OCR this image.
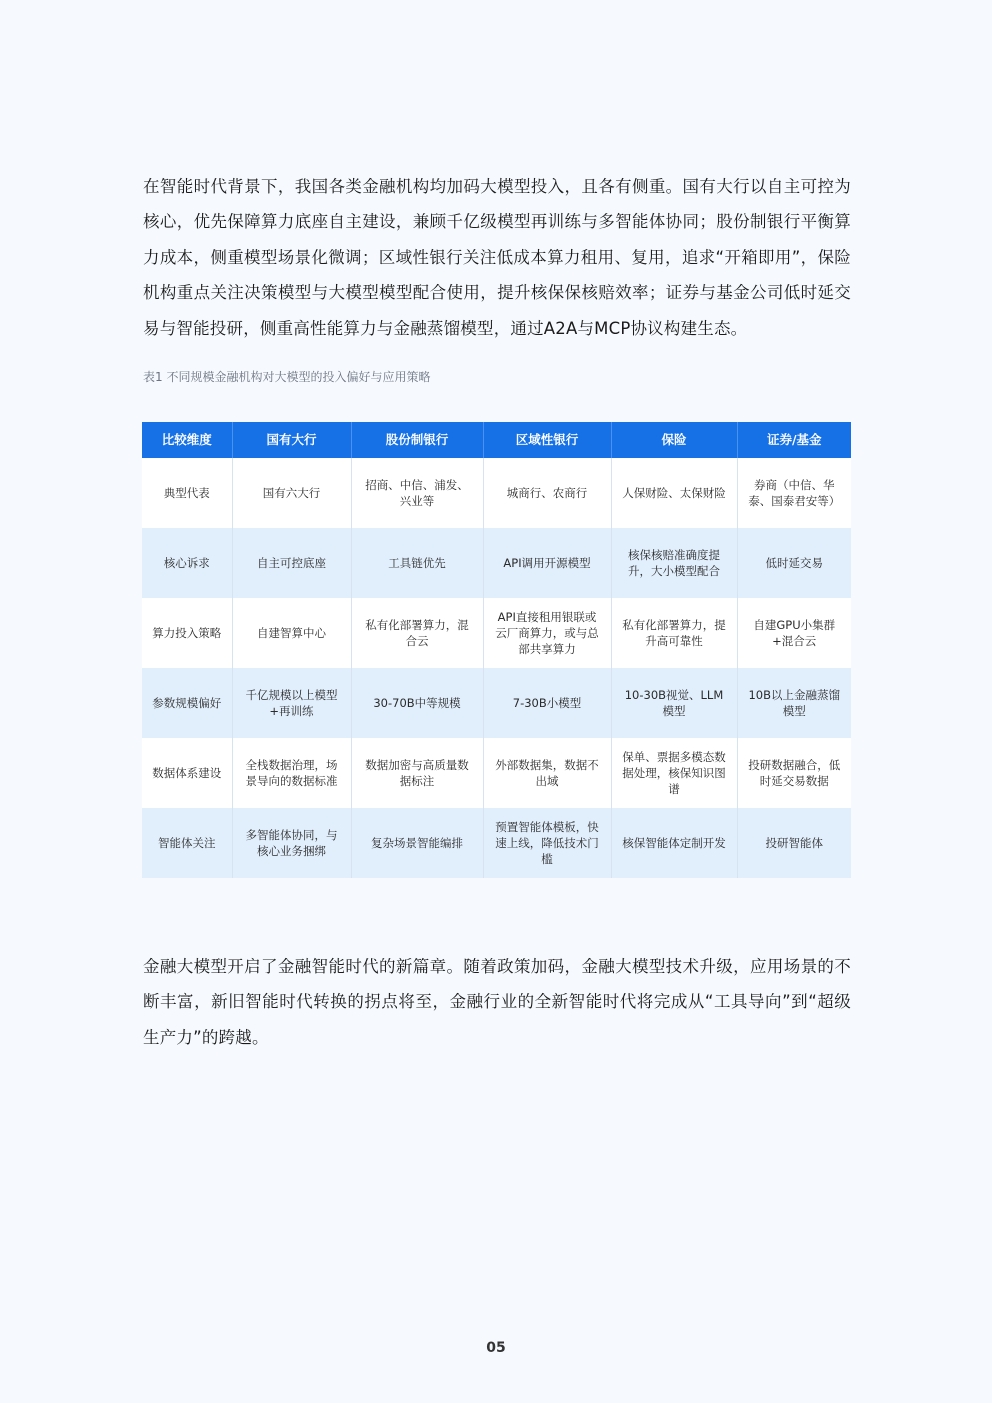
在智能时代背景下，我国各类金融机构均加码大模型投入，且各有侧重。国有大行以自主可控为核心，优先保障算力底座自主建设，兼顾千亿级模型再训练与多智能体协同；股份制银行平衡算力成本，侧重模型场景化微调；区域性银行关注低成本算力租用、复用，追求“开箱即用”，保险机构重点关注决策模型与大模型模型配合使用，提升核保保核赔效率；证券与基金公司低时延交易与智能投研，侧重高性能算力与金融蒸馏模型，通过A2A与MCP协议构建生态。

表1 不同规模金融机构对大模型的投入偏好与应用策略
比较维度	国有大行	股份制银行	区域性银行	保险	证券/基金
典型代表	国有六大行	招商、中信、浦发、兴业等	城商行、农商行	人保财险、太保财险	券商（中信、华泰、国泰君安等）
核心诉求	自主可控底座	工具链优先	API调用开源模型	核保核赔准确度提升，大小模型配合	低时延交易
算力投入策略	自建智算中心	私有化部署算力，混合云	API直接租用银联或云厂商算力，或与总部共享算力	私有化部署算力，提升高可靠性	自建GPU小集群+混合云
参数规模偏好	千亿规模以上模型+再训练	30-70B中等规模	7-30B小模型	10-30B视觉、LLM模型	10B以上金融蒸馏模型
数据体系建设	全栈数据治理，场景导向的数据标准	数据加密与高质量数据标注	外部数据集，数据不出域	保单、票据多模态数据处理，核保知识图谱	投研数据融合，低时延交易数据
智能体关注	多智能体协同，与核心业务捆绑	复杂场景智能编排	预置智能体模板，快速上线，降低技术门槛	核保智能体定制开发	投研智能体

金融大模型开启了金融智能时代的新篇章。随着政策加码，金融大模型技术升级，应用场景的不断丰富，新旧智能时代转换的拐点将至，金融行业的全新智能时代将完成从“工具导向”到“超级生产力”的跨越。

05
